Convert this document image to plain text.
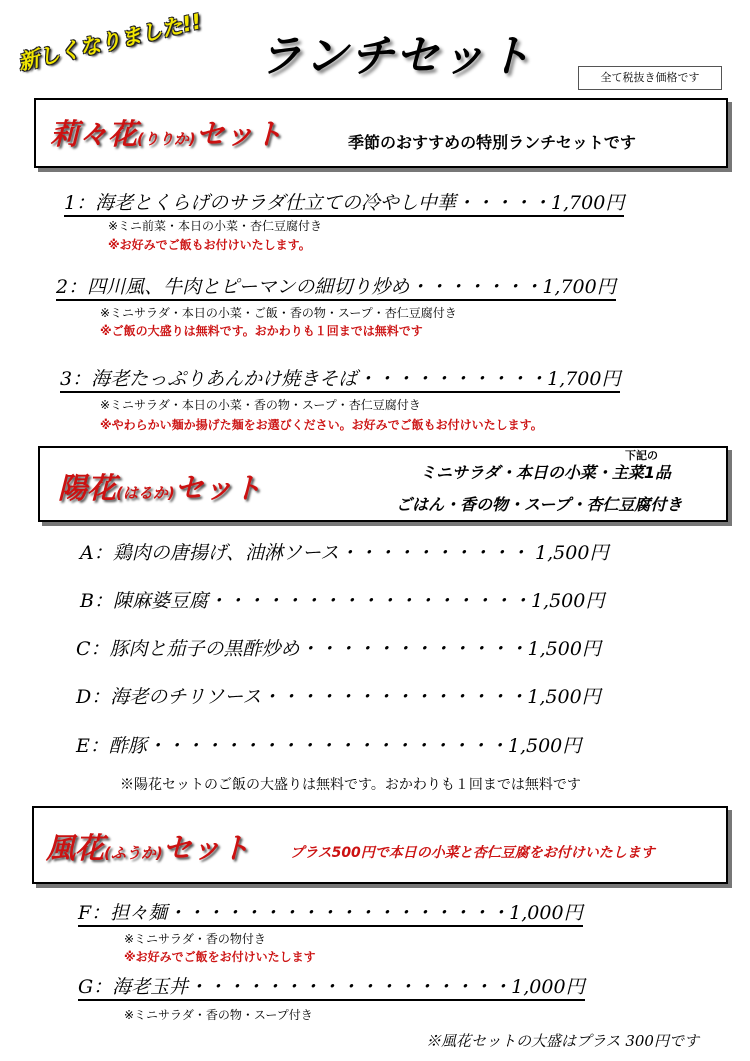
新しくなりました!! ランチセット	全て税抜き価格です
莉々花(りりか)セット	季節のおすすめの特別ランチセットです
1：海老とくらげのサラダ仕立ての冷やし中華・・・・・1,700円
※ミニ前菜・本日の小菜・杏仁豆腐付き
※お好みでご飯もお付けいたします。
2：四川風、牛肉とピーマンの細切り炒め・・・・・・・1,700円
※ミニサラダ・本日の小菜・ご飯・香の物・スープ・杏仁豆腐付き
※ご飯の大盛りは無料です。おかわりも１回までは無料です
3：海老たっぷりあんかけ焼きそば・・・・・・・・・・1,700円
※ミニサラダ・本日の小菜・香の物・スープ・杏仁豆腐付き
※やわらかい麺か揚げた麺をお選びください。お好みでご飯もお付けいたします。
陽花(はるか)セット
下記の
ミニサラダ・本日の小菜・主菜1品
ごはん・香の物・スープ・杏仁豆腐付き
A：鶏肉の唐揚げ、油淋ソース・・・・・・・・・・ 1,500円
B：陳麻婆豆腐・・・・・・・・・・・・・・・・・1,500円
C：豚肉と茄子の黒酢炒め・・・・・・・・・・・・1,500円
D：海老のチリソース・・・・・・・・・・・・・・1,500円
E：酢豚・・・・・・・・・・・・・・・・・・・1,500円
※陽花セットのご飯の大盛りは無料です。おかわりも１回までは無料です
風花(ふうか)セット	プラス500円で本日の小菜と杏仁豆腐をお付けいたします
F：担々麺・・・・・・・・・・・・・・・・・・1,000円
※ミニサラダ・香の物付き
※お好みでご飯をお付けいたします
G：海老玉丼・・・・・・・・・・・・・・・・・1,000円
※ミニサラダ・香の物・スープ付き
※風花セットの大盛はプラス 300円です
